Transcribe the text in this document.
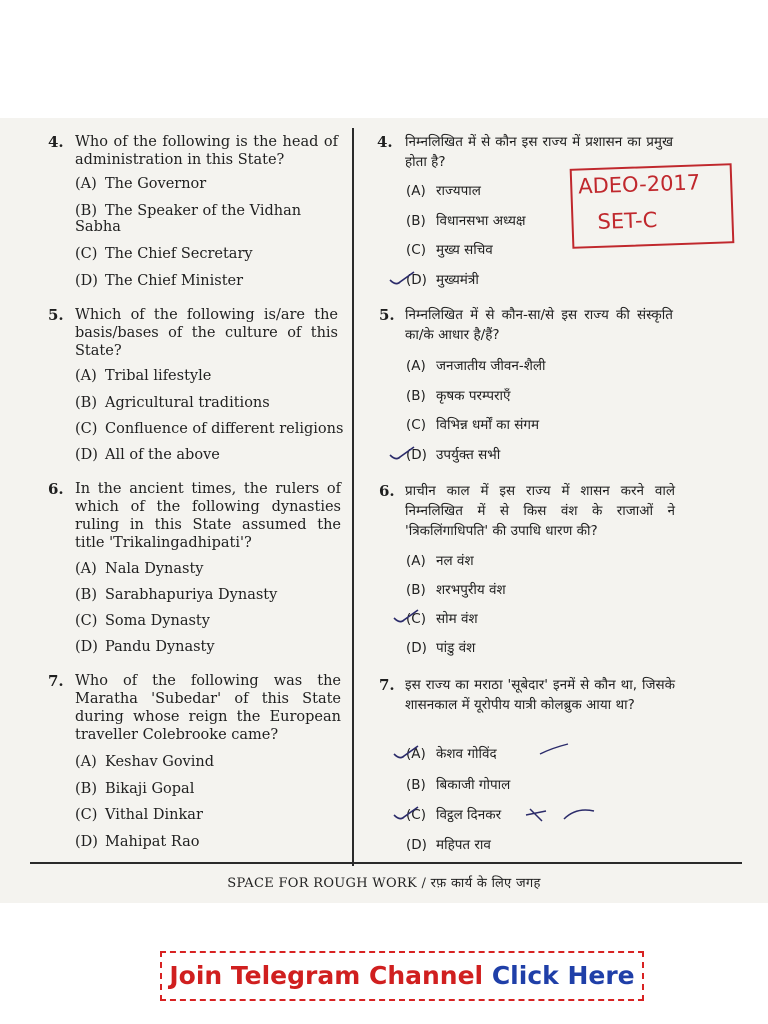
4. Who of the following is the head of administration in this State?
(A) The Governor
(B) The Speaker of the Vidhan Sabha
(C) The Chief Secretary
(D) The Chief Minister
5. Which of the following is/are the basis/bases of the culture of this State?
(A) Tribal lifestyle
(B) Agricultural traditions
(C) Confluence of different religions
(D) All of the above
6. In the ancient times, the rulers of which of the following dynasties ruling in this State assumed the title 'Trikalingadhipati'?
(A) Nala Dynasty
(B) Sarabhapuriya Dynasty
(C) Soma Dynasty
(D) Pandu Dynasty
7. Who of the following was the Maratha 'Subedar' of this State during whose reign the European traveller Colebrooke came?
(A) Keshav Govind
(B) Bikaji Gopal
(C) Vithal Dinkar
(D) Mahipat Rao
4. निम्नलिखित में से कौन इस राज्य में प्रशासन का प्रमुख होता है?
(A) राज्यपाल
(B) विधानसभा अध्यक्ष
(C) मुख्य सचिव
(D) मुख्यमंत्री
ADEO-2017
SET-C
5. निम्नलिखित में से कौन-सा/से इस राज्य की संस्कृति का/के आधार है/हैं?
(A) जनजातीय जीवन-शैली
(B) कृषक परम्पराएँ
(C) विभिन्न धर्मों का संगम
(D) उपर्युक्त सभी
6. प्राचीन काल में इस राज्य में शासन करने वाले निम्नलिखित में से किस वंश के राजाओं ने 'त्रिकलिंगाधिपति' की उपाधि धारण की?
(A) नल वंश
(B) शरभपुरीय वंश
(C) सोम वंश
(D) पांडु वंश
7. इस राज्य का मराठा 'सूबेदार' इनमें से कौन था, जिसके शासनकाल में यूरोपीय यात्री कोलब्रुक आया था?
(A) केशव गोविंद
(B) बिकाजी गोपाल
(C) विट्ठल दिनकर
(D) महिपत राव
SPACE FOR ROUGH WORK / रफ़ कार्य के लिए जगह
Join Telegram Channel Click Here
